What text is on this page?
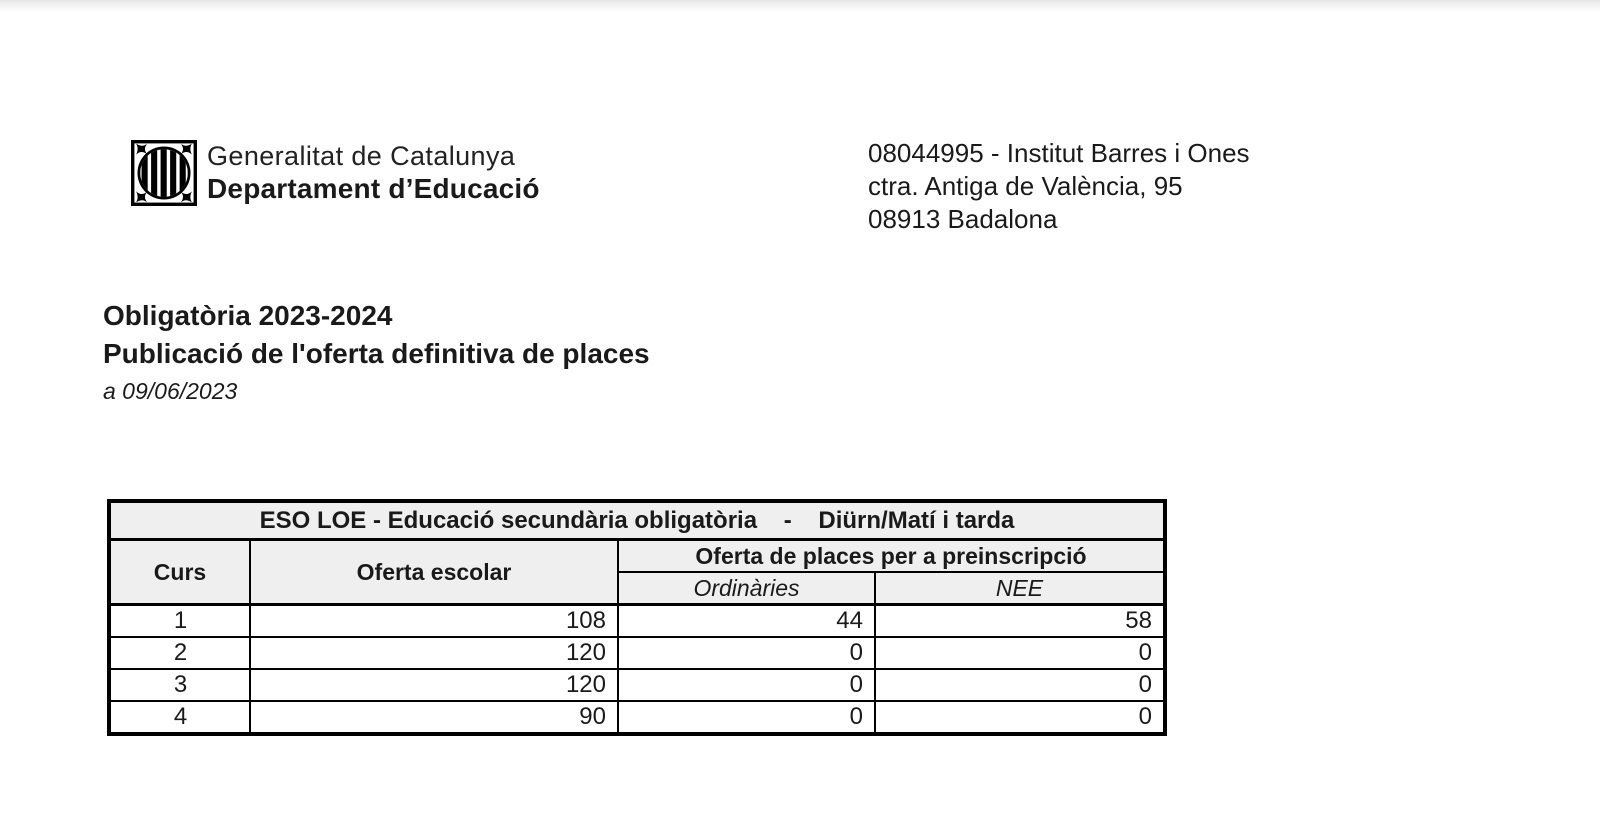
Generalitat de Catalunya
Departament d’Educació
08044995 - Institut Barres i Ones
ctra. Antiga de València, 95
08913 Badalona
Obligatòria 2023-2024
Publicació de l'oferta definitiva de places
a 09/06/2023
ESO LOE - Educació secundària obligatòria    -    Diürn/Matí i tarda			
Curs	Oferta escolar	Oferta de places per a preinscripció	
		Ordinàries	NEE
1	108	44	58
2	120	0	0
3	120	0	0
4	90	0	0
